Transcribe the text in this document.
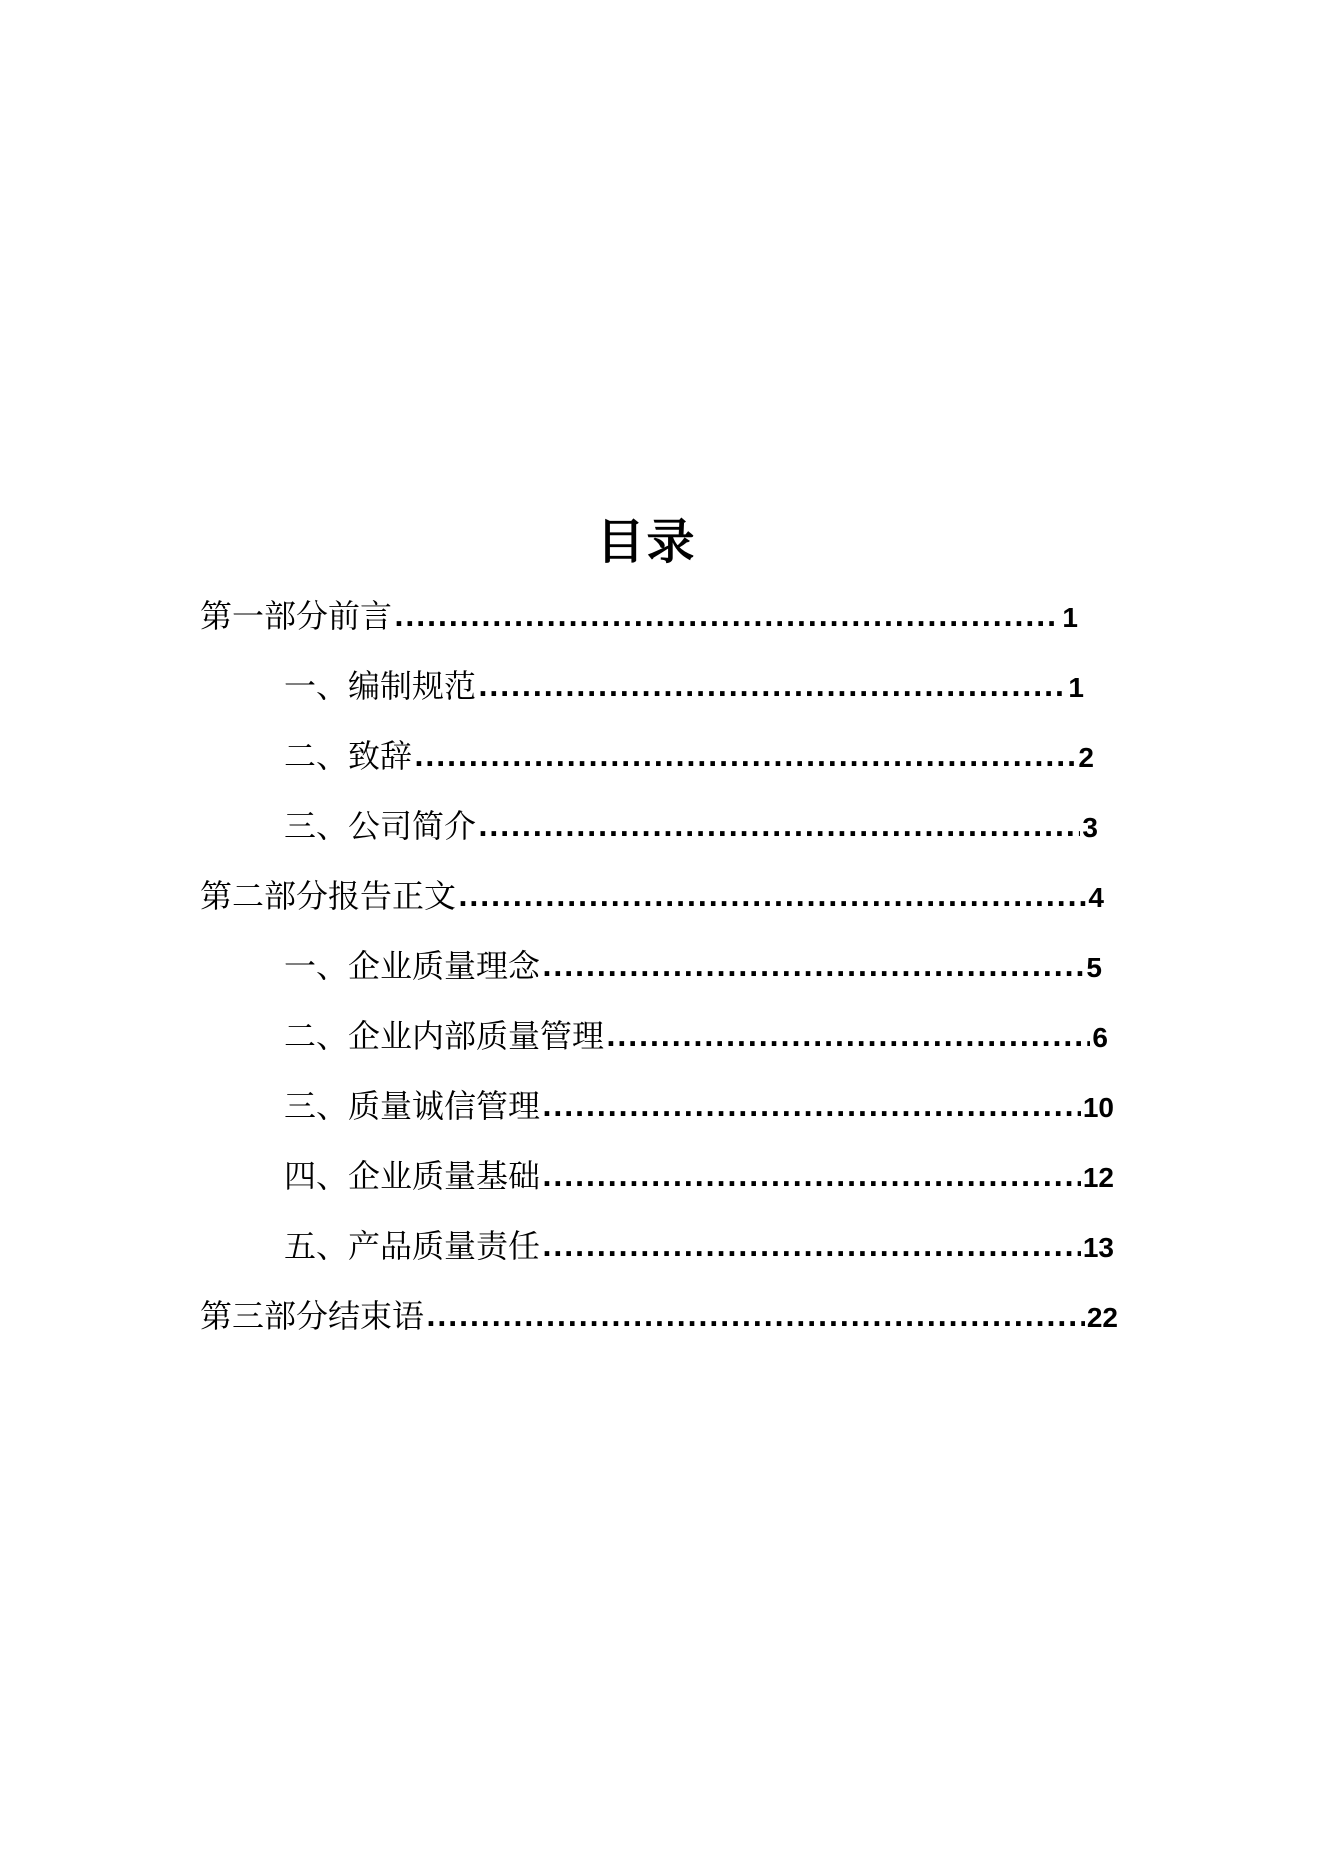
目录
第一部分 前言 .....	1
一、 编制规范 .....	1
二、 致辞 .....	2
三、 公司简介 .....	3
第二部分 报告正文 .....	4
一、 企业质量理念 .....	5
二、 企业内部质量管理 .....	6
三、 质量诚信管理 .....	10
四、 企业质量基础 .....	12
五、 产品质量责任 .....	13
第三部分 结束语 .....	22
